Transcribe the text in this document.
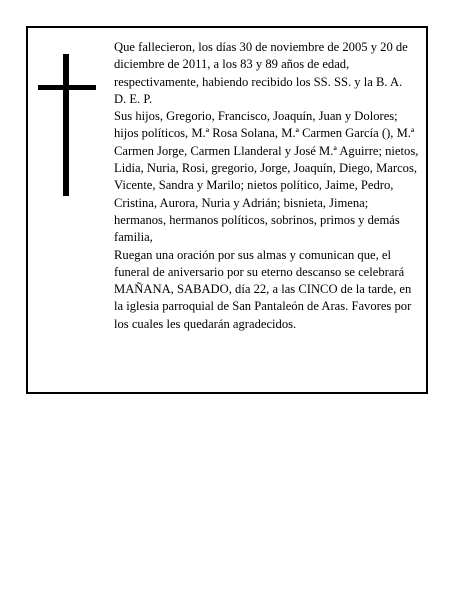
Que fallecieron, los días 30 de noviembre de 2005 y 20 de diciembre de 2011, a los 83 y 89 años de edad, respectivamente, habiendo recibido los SS. SS. y la B. A.

D. E. P.

Sus hijos, Gregorio, Francisco, Joaquín, Juan y Dolores; hijos políticos, M.ª Rosa Solana, M.ª Carmen García (), M.ª Carmen Jorge, Carmen Llanderal y José M.ª Aguirre; nietos, Lidia, Nuria, Rosi, gregorio, Jorge, Joaquín, Diego, Marcos, Vicente, Sandra y Marilo; nietos político, Jaime, Pedro, Cristina, Aurora, Nuria y Adrián; bisnieta, Jimena; hermanos, hermanos políticos, sobrinos, primos y demás familia,

Ruegan una oración por sus almas y comunican que, el funeral de aniversario por su eterno descanso se celebrará MAÑANA, SABADO, día 22, a las CINCO de la tarde, en la iglesia parroquial de San Pantaleón de Aras. Favores por los cuales les quedarán agradecidos.
